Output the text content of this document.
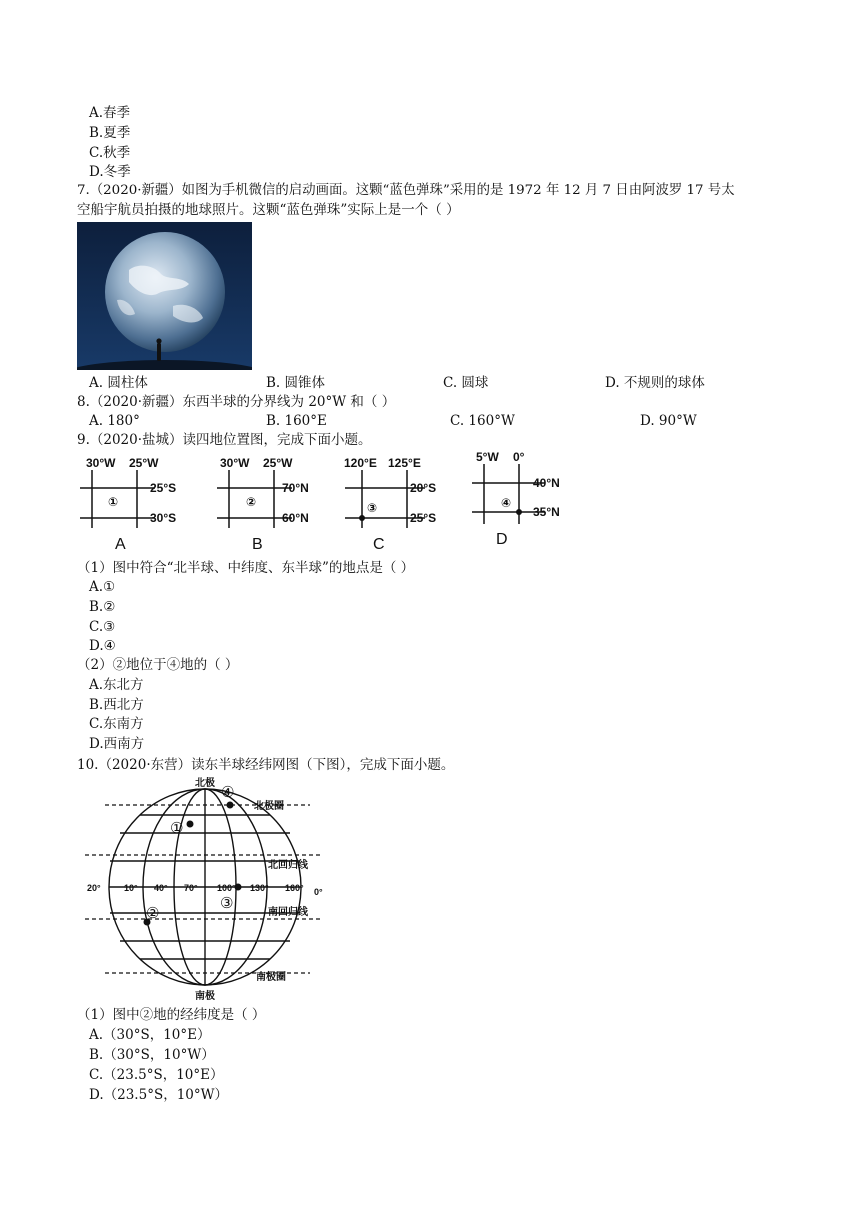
A.春季
B.夏季
C.秋季
D.冬季
7.（2020·新疆）如图为手机微信的启动画面。这颗“蓝色弹珠”采用的是 1972 年 12 月 7 日由阿波罗 17 号太
空船宇航员拍摄的地球照片。这颗“蓝色弹珠”实际上是一个（ ）
A. 圆柱体	B. 圆锥体	C. 圆球	D. 不规则的球体
8.（2020·新疆）东西半球的分界线为 20°W 和（ ）
A. 180°	B. 160°E	C. 160°W	D. 90°W
9.（2020·盐城）读四地位置图，完成下面小题。
30°W 25°W
25°S
30°S
①
A
30°W 25°W
70°N
60°N
②
B
120°E 125°E
20°S
25°S
③
C
5°W 0°
40°N
35°N
④
D
（1）图中符合“北半球、中纬度、东半球”的地点是（ ）
A.①
B.②
C.③
D.④
（2）②地位于④地的（ ）
A.东北方
B.西北方
C.东南方
D.西南方
10.（2020·东营）读东半球经纬网图（下图），完成下面小题。
北极
南极
北极圈
北回归线
南回归线
南极圈
20°	10° 40° 70° 100° 130° 160° 0°
①
②
③
④
（1）图中②地的经纬度是（ ）
A.（30°S，10°E）
B.（30°S，10°W）
C.（23.5°S，10°E）
D.（23.5°S，10°W）
